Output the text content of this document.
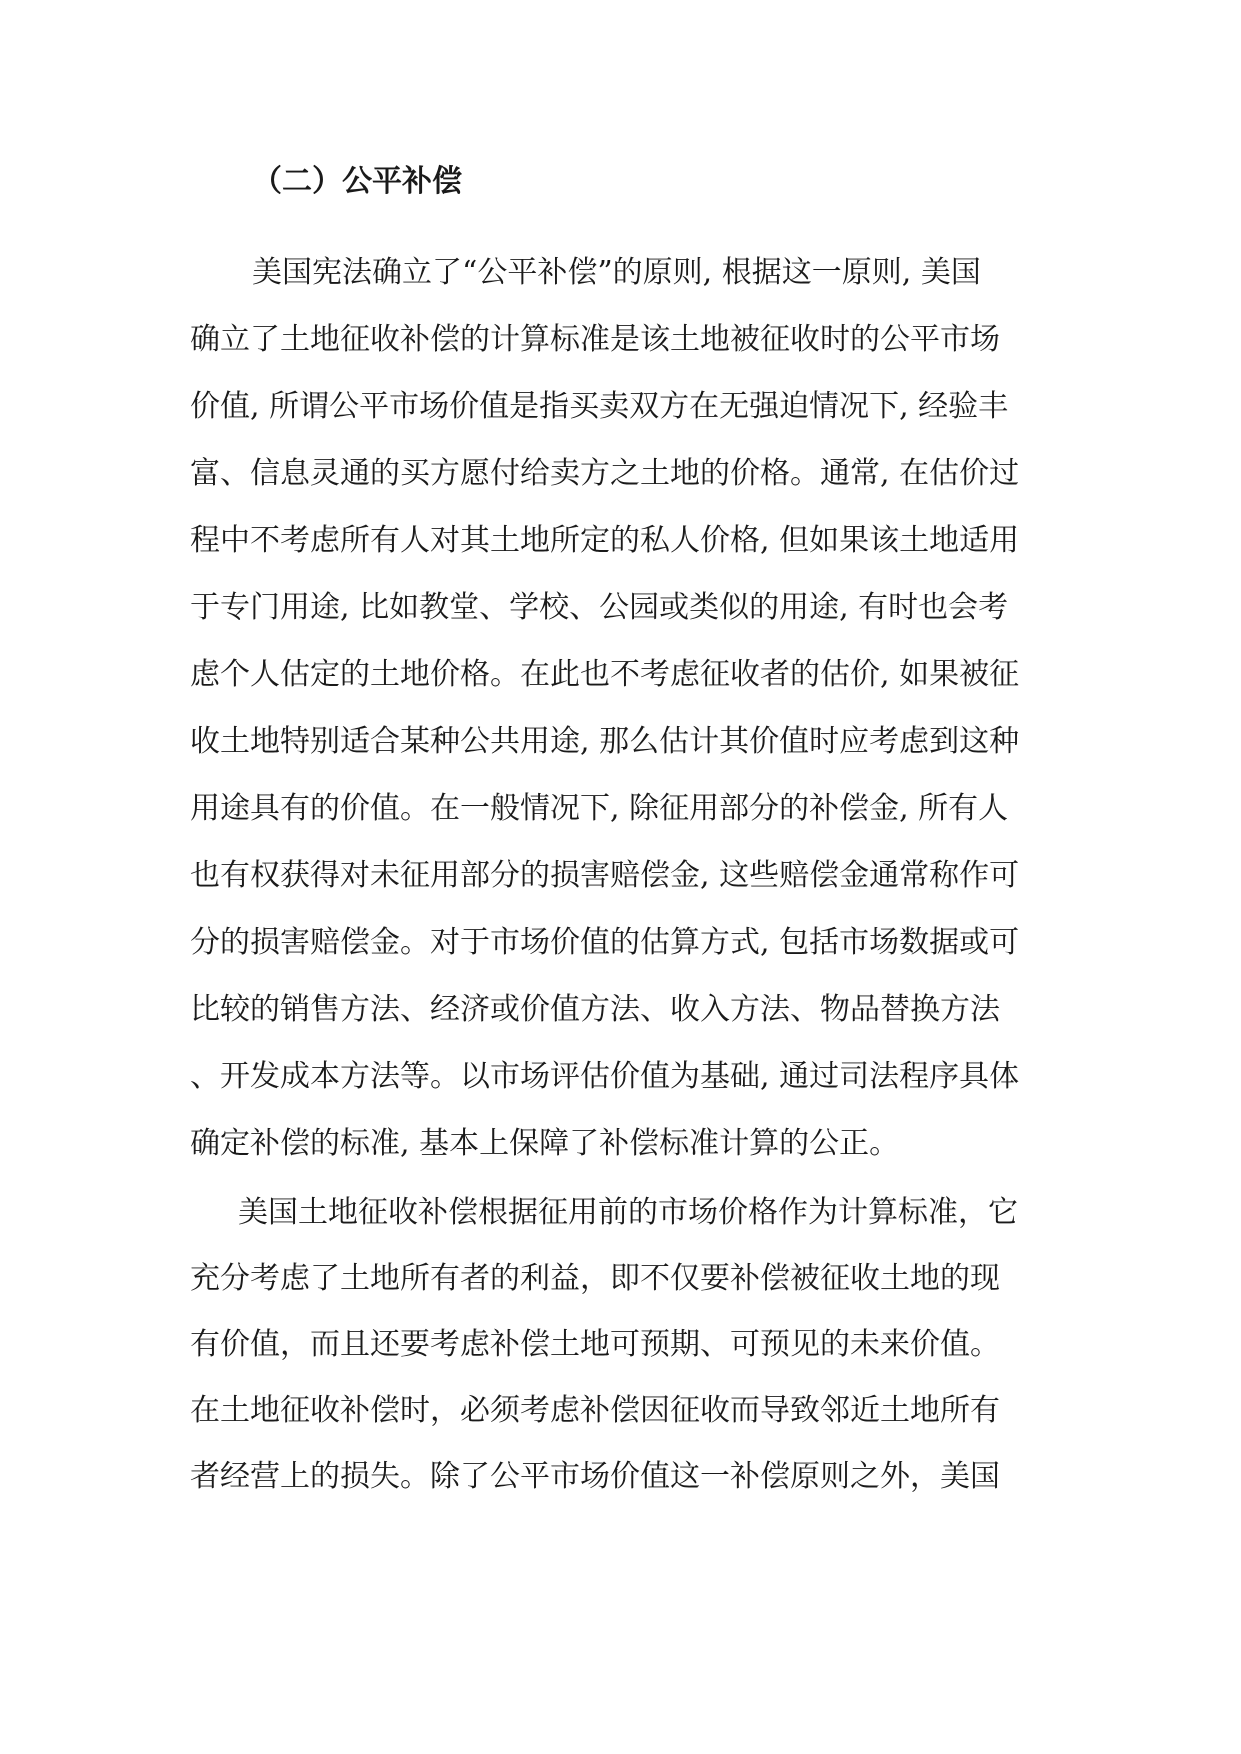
（二）公平补偿
美国宪法确立了“公平补偿”的原则, 根据这一原则, 美国
确立了土地征收补偿的计算标准是该土地被征收时的公平市场
价值, 所谓公平市场价值是指买卖双方在无强迫情况下, 经验丰
富、信息灵通的买方愿付给卖方之土地的价格。通常, 在估价过
程中不考虑所有人对其土地所定的私人价格, 但如果该土地适用
于专门用途, 比如教堂、学校、公园或类似的用途, 有时也会考
虑个人估定的土地价格。在此也不考虑征收者的估价, 如果被征
收土地特别适合某种公共用途, 那么估计其价值时应考虑到这种
用途具有的价值。在一般情况下, 除征用部分的补偿金, 所有人
也有权获得对未征用部分的损害赔偿金, 这些赔偿金通常称作可
分的损害赔偿金。对于市场价值的估算方式, 包括市场数据或可
比较的销售方法、经济或价值方法、收入方法、物品替换方法
、开发成本方法等。以市场评估价值为基础, 通过司法程序具体
确定补偿的标准, 基本上保障了补偿标准计算的公正。
美国土地征收补偿根据征用前的市场价格作为计算标准，它
充分考虑了土地所有者的利益，即不仅要补偿被征收土地的现
有价值，而且还要考虑补偿土地可预期、可预见的未来价值。
在土地征收补偿时，必须考虑补偿因征收而导致邻近土地所有
者经营上的损失。除了公平市场价值这一补偿原则之外，美国
